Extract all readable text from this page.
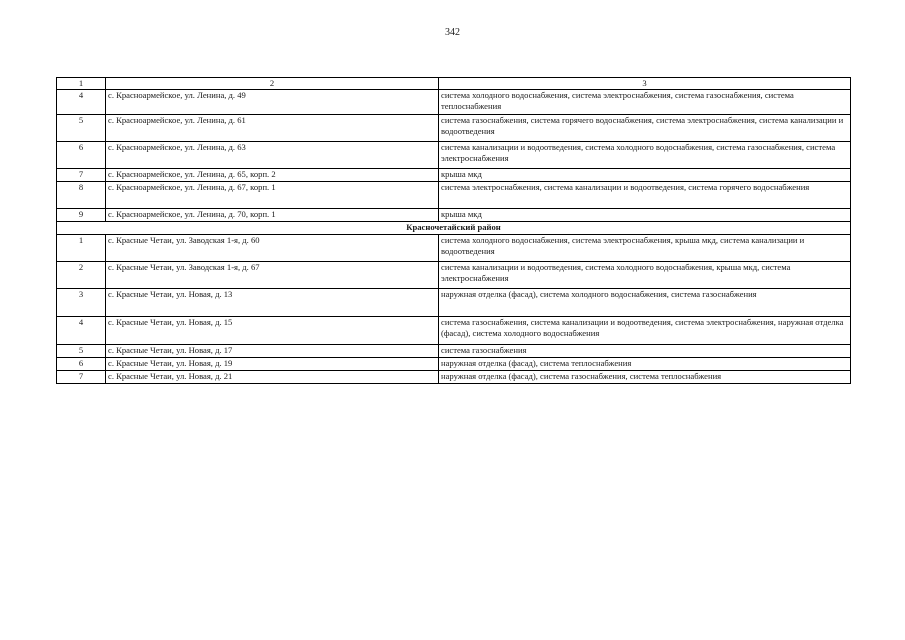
342
1	2	3
4	с. Красноармейское, ул. Ленина, д. 49	система холодного водоснабжения, система электроснабжения, система газоснабжения, система теплоснабжения
5	с. Красноармейское, ул. Ленина, д. 61	система газоснабжения, система горячего водоснабжения, система электроснабжения, система канализации и водоотведения
6	с. Красноармейское, ул. Ленина, д. 63	система канализации и водоотведения, система холодного водоснабжения, система газоснабжения, система электроснабжения
7	с. Красноармейское, ул. Ленина, д. 65, корп. 2	крыша мкд
8	с. Красноармейское, ул. Ленина, д. 67, корп. 1	система электроснабжения, система канализации и водоотведения, система горячего водоснабжения
9	с. Красноармейское, ул. Ленина, д. 70, корп. 1	крыша мкд
Красночетайский район		
1	с. Красные Четаи, ул. Заводская 1-я, д. 60	система холодного водоснабжения, система электроснабжения, крыша мкд, система канализации и водоотведения
2	с. Красные Четаи, ул. Заводская 1-я, д. 67	система канализации и водоотведения, система холодного водоснабжения, крыша мкд, система электроснабжения
3	с. Красные Четаи, ул. Новая, д. 13	наружная отделка (фасад), система холодного водоснабжения, система газоснабжения
4	с. Красные Четаи, ул. Новая, д. 15	система газоснабжения, система канализации и водоотведения, система электроснабжения, наружная отделка (фасад), система холодного водоснабжения
5	с. Красные Четаи, ул. Новая, д. 17	система газоснабжения
6	с. Красные Четаи, ул. Новая, д. 19	наружная отделка (фасад), система теплоснабжения
7	с. Красные Четаи, ул. Новая, д. 21	наружная отделка (фасад), система газоснабжения, система теплоснабжения
